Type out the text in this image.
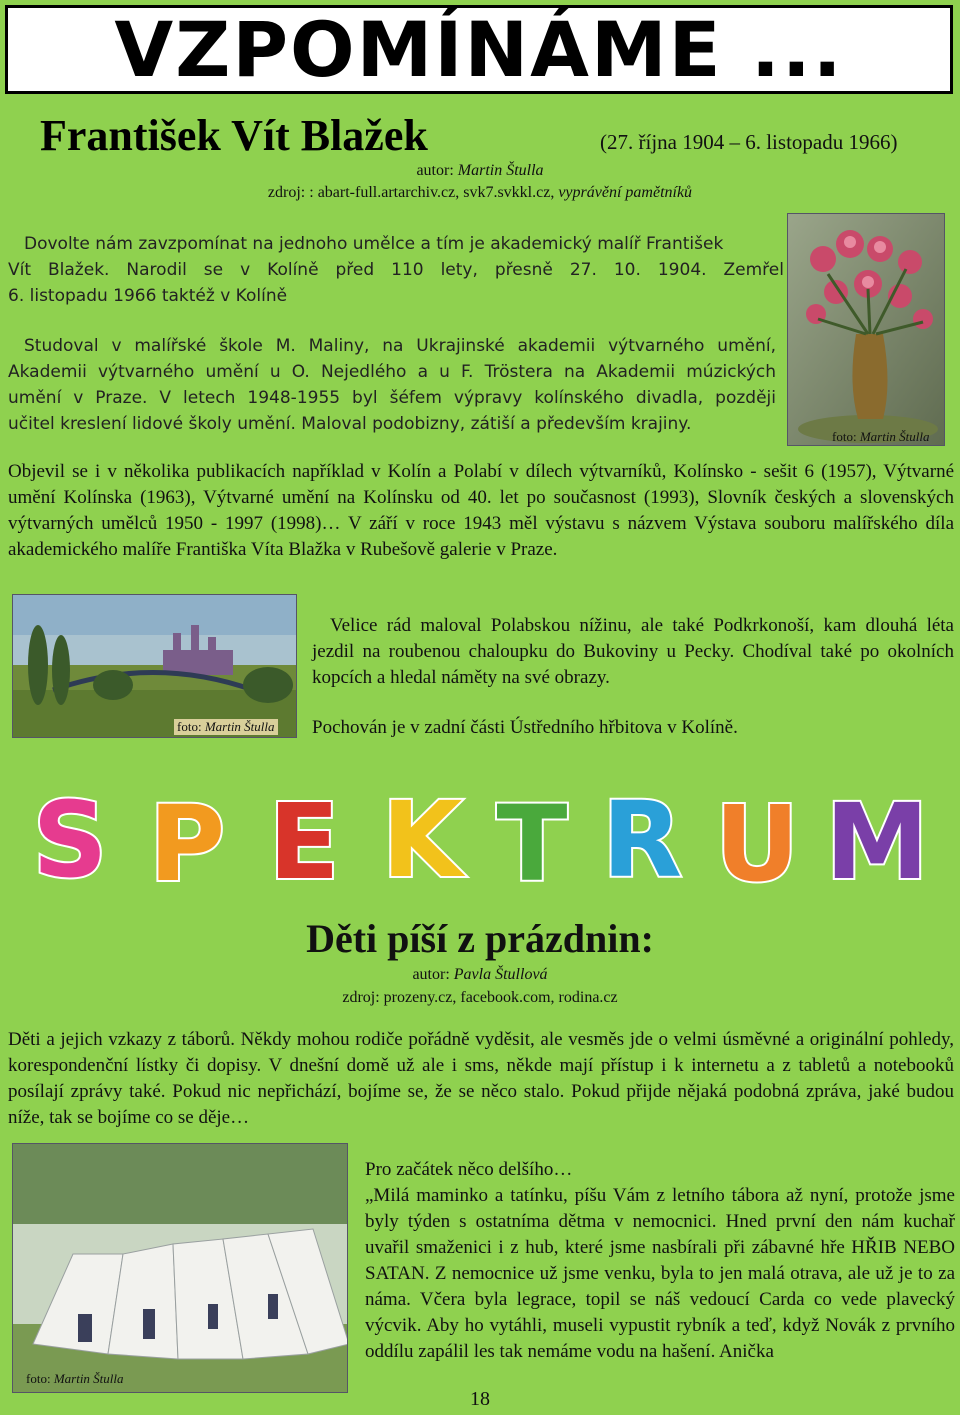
VZPOMÍNÁME ...
František Vít Blažek	(27. října 1904 – 6. listopadu 1966)
autor: Martin Štulla
zdroj: : abart-full.artarchiv.cz, svk7.svkkl.cz, vyprávění pamětníků
Dovolte nám zavzpomínat na jednoho umělce a tím je akademický malíř František
Vít Blažek. Narodil se v Kolíně před 110 lety, přesně 27. 10. 1904. Zemřel
6. listopadu 1966 taktéž v Kolíně
Studoval v malířské škole M. Maliny, na Ukrajinské akademii výtvarného umění,
Akademii výtvarného umění u O. Nejedlého a u F. Tröstera na Akademii múzických
umění v Praze. V letech 1948-1955 byl šéfem výpravy kolínského divadla, později
učitel kreslení lidové školy umění. Maloval podobizny, zátiší a především krajiny.
foto: Martin Štulla
Objevil se i v několika publikacích například v Kolín a Polabí v dílech výtvarníků, Kolínsko - sešit 6 (1957), Výtvarné umění Kolínska (1963), Výtvarné umění na Kolínsku od 40. let po současnost (1993), Slovník českých a slovenských výtvarných umělců 1950 - 1997 (1998)… V září v roce 1943 měl výstavu s názvem Výstava souboru malířského díla akademického malíře Františka Víta Blažka v Rubešově galerie v Praze.
foto: Martin Štulla
Velice rád maloval Polabskou nížinu, ale také Podkrkonoší, kam dlouhá léta jezdil na roubenou chaloupku do Bukoviny u Pecky. Chodíval také po okolních kopcích a hledal náměty na své obrazy.
Pochován je v zadní části Ústředního hřbitova v Kolíně.
S P E K T R U M
Děti píší z prázdnin:
autor: Pavla Štullová
zdroj: prozeny.cz, facebook.com, rodina.cz
Děti a jejich vzkazy z táborů. Někdy mohou rodiče pořádně vyděsit, ale vesměs jde o velmi úsměvné a originální pohledy, korespondenční lístky či dopisy. V dnešní domě už ale i sms, někde mají přístup i k internetu a z tabletů a notebooků posílají zprávy také. Pokud nic nepřichází, bojíme se, že se něco stalo. Pokud přijde nějaká podobná zpráva, jaké budou níže, tak se bojíme co se děje…
foto: Martin Štulla
Pro začátek něco delšího…
„Milá maminko a tatínku, píšu Vám z letního tábora až nyní, protože jsme byly týden s ostatníma dětma v nemocnici. Hned první den nám kuchař uvařil smaženici i z hub, které jsme nasbírali při zábavné hře HŘIB NEBO SATAN. Z nemocnice už jsme venku, byla to jen malá otrava, ale už je to za náma. Včera byla legrace, topil se náš vedoucí Carda co vede plavecký výcvik. Aby ho vytáhli, museli vypustit rybník a teď, když Novák z prvního oddílu zapálil les tak nemáme vodu na hašení. Anička
18
